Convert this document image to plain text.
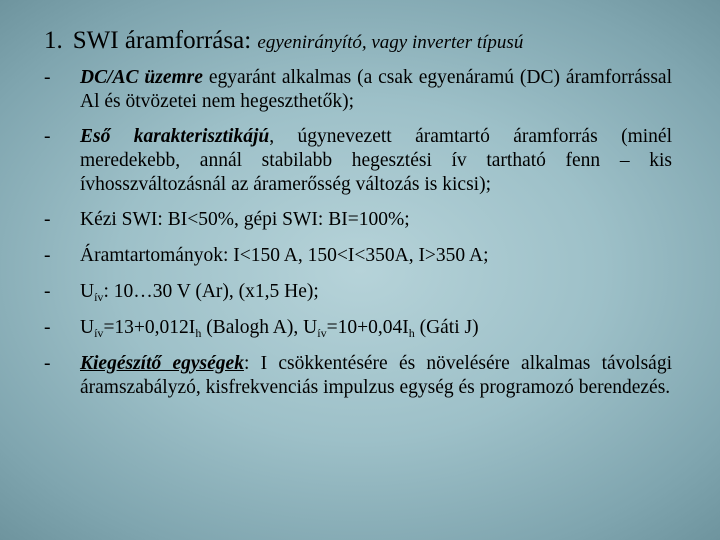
1. SWI áramforrása: egyenirányító, vagy inverter típusú
- DC/AC üzemre egyaránt alkalmas (a csak egyenáramú (DC) áramforrással Al és ötvözetei nem hegeszthetők);
- Eső karakterisztikájú, úgynevezett áramtartó áramforrás (minél meredekebb, annál stabilabb hegesztési ív tartható fenn – kis ívhosszváltozásnál az áramerősség változás is kicsi);
- Kézi SWI: BI<50%, gépi SWI: BI=100%;
- Áramtartományok: I<150 A, 150<I<350A, I>350 A;
- $U_{ív}$: 10…30 V (Ar), (x1,5 He);
- $U_{ív}=13+0,012I_h$ (Balogh A), $U_{ív}=10+0,04I_h$ (Gáti J)
- Kiegészítő egységek: I csökkentésére és növelésére alkalmas távolsági áramszabályzó, kisfrekvenciás impulzus egység és programozó berendezés.
